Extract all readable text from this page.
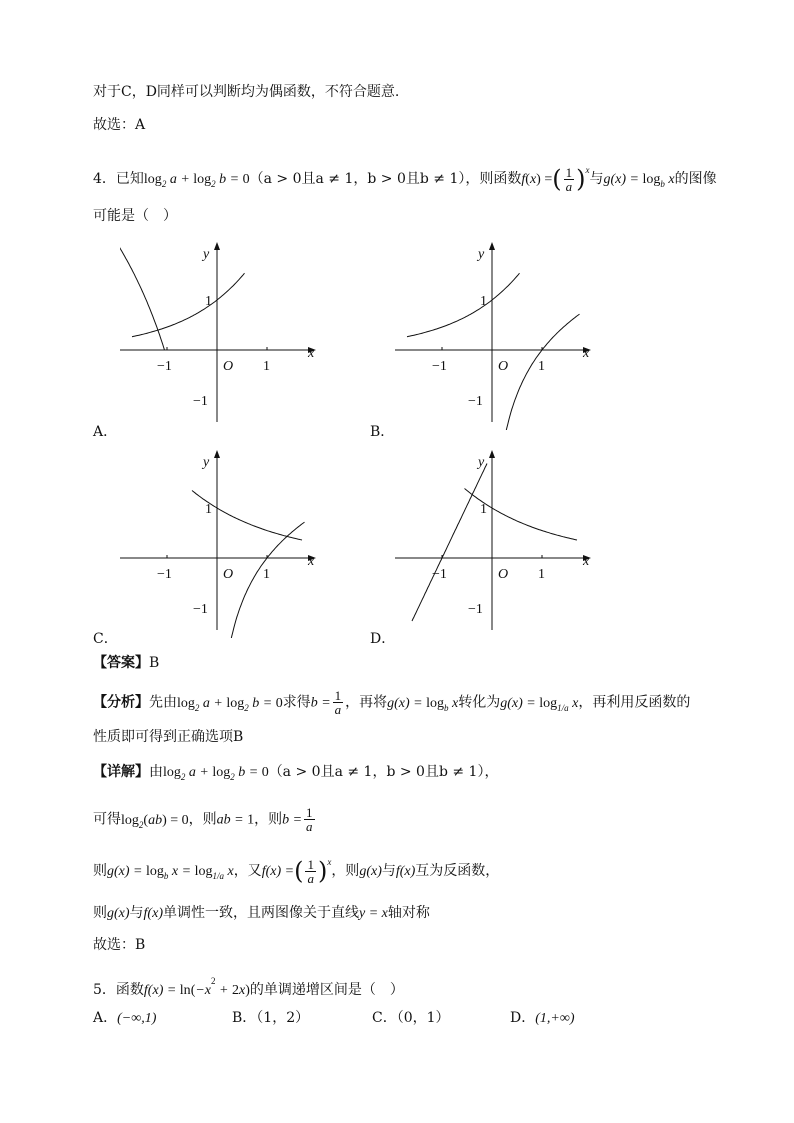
对于C，D同样可以判断均为偶函数，不符合题意.
故选：A
4．已知$\log_2 a + \log_2 b = 0(a > 0$且a ≠ 1，b > 0且b ≠ 1），则函数f(x) =( $\frac{1}{a} )^x$与$g(x) = \log_b x$的图像
可能是（　）
x
y
O 1
−1
1
−1
x
y
O 1
−1
1
−1
x
y
O 1
−1
1
−1
x
y
O 1
−1
1
−1
A．	B．
C．	D．
【答案】B
【分析】先由$\log_2 a + \log_2 b = 0$求得$b = \frac{1}{a}$ ，再将$g(x) = \log_b x$转化为$g(x) = \log_{1/a} x$，再利用反函数的
性质即可得到正确选项B
【详解】由$\log_2 a + \log_2 b = 0(a > 0$且a ≠ 1，b > 0且b ≠ 1），
可得$\log_2(ab) = 0$，则ab = 1，则$b = \frac{1}{a}$
则$g(x) = \log_b x = \log_{1/a} x$，又f(x) =( $\frac{1}{a} )^x$，则g(x)与f(x)互为反函数，
则g(x)与f(x)单调性一致，且两图像关于直线y = x轴对称
故选：B
5．函数$f(x) = \ln(-x^2 + 2x)$的单调递增区间是（　）
A．(−∞,1)	B．（1，2）	C．（0，1）	D．(1,+∞)
